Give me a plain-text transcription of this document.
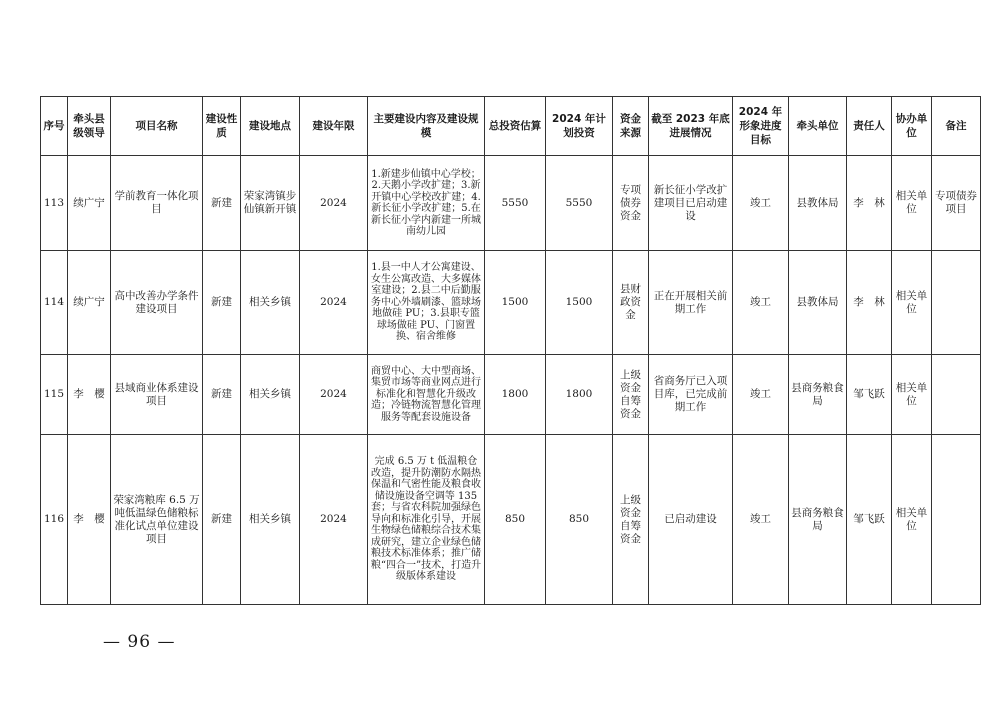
序号	牵头县级领导	项目名称	建设性质	建设地点	建设年限	主要建设内容及建设规模	总投资估算	2024 年计划投资	资金来源	截至 2023 年底进展情况	2024 年形象进度目标	牵头单位	责任人	协办单位	备注
113	续广宁	学前教育一体化项目	新建	荣家湾镇步仙镇新开镇	2024	1.新建步仙镇中心学校；2.天鹅小学改扩建；3.新开镇中心学校改扩建；4.新长征小学改扩建；5.在新长征小学内新建一所城南幼儿园	5550	5550	专项债券资金	新长征小学改扩建项目已启动建设	竣工	县教体局	李　林	相关单位	专项债券项目
114	续广宁	高中改善办学条件建设项目	新建	相关乡镇	2024	1.县一中人才公寓建设、女生公寓改造、大多媒体室建设；2.县二中后勤服务中心外墙刷漆、篮球场地做硅 PU；3.县职专篮球场做硅 PU、门窗置换、宿舍维修	1500	1500	县财政资金	正在开展相关前期工作	竣工	县教体局	李　林	相关单位	
115	李　樱	县域商业体系建设项目	新建	相关乡镇	2024	商贸中心、大中型商场、集贸市场等商业网点进行标准化和智慧化升级改造；冷链物流智慧化管理服务等配套设施设备	1800	1800	上级资金自筹资金	省商务厅已入项目库，已完成前期工作	竣工	县商务粮食局	邹飞跃	相关单位	
116	李　樱	荣家湾粮库 6.5 万吨低温绿色储粮标准化试点单位建设项目	新建	相关乡镇	2024	完成 6.5 万 t 低温粮仓改造，提升防潮防水隔热保温和气密性能及粮食收储设施设备空调等 135 套；与省农科院加强绿色导向和标准化引导，开展生物绿色储粮综合技术集成研究，建立企业绿色储粮技术标准体系；推广储粮“四合一”技术，打造升级版体系建设	850	850	上级资金自筹资金	已启动建设	竣工	县商务粮食局	邹飞跃	相关单位	
— 96 —
